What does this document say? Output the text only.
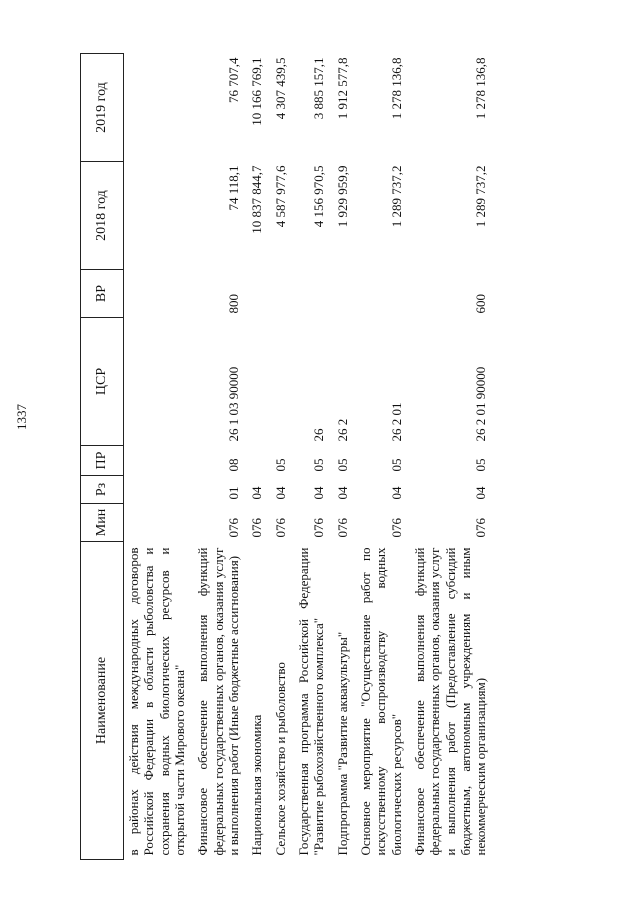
1337
Наименование	Мин	Рз	ПР	ЦСР	ВР	2018 год	2019 год
в районах действия международных договоров Российской Федерации в области рыболовства и сохранения водных биологических ресурсов и открытой части Мирового океана"							
Финансовое обеспечение выполнения функций федеральных государственных органов, оказания услуг и выполнения работ (Иные бюджетные ассигнования)	076	01	08	26 1 03 90000	800	74 118,1	76 707,4
Национальная экономика	076	04				10 837 844,7	10 166 769,1
Сельское хозяйство и рыболовство	076	04	05			4 587 977,6	4 307 439,5
Государственная программа Российской Федерации "Развитие рыбохозяйственного комплекса"	076	04	05	26		4 156 970,5	3 885 157,1
Подпрограмма "Развитие аквакультуры"	076	04	05	26 2		1 929 959,9	1 912 577,8
Основное мероприятие "Осуществление работ по искусственному воспроизводству водных биологических ресурсов"	076	04	05	26 2 01		1 289 737,2	1 278 136,8
Финансовое обеспечение выполнения функций федеральных государственных органов, оказания услуг и выполнения работ (Предоставление субсидий бюджетным, автономным учреждениям и иным некоммерческим организациям)	076	04	05	26 2 01 90000	600	1 289 737,2	1 278 136,8
